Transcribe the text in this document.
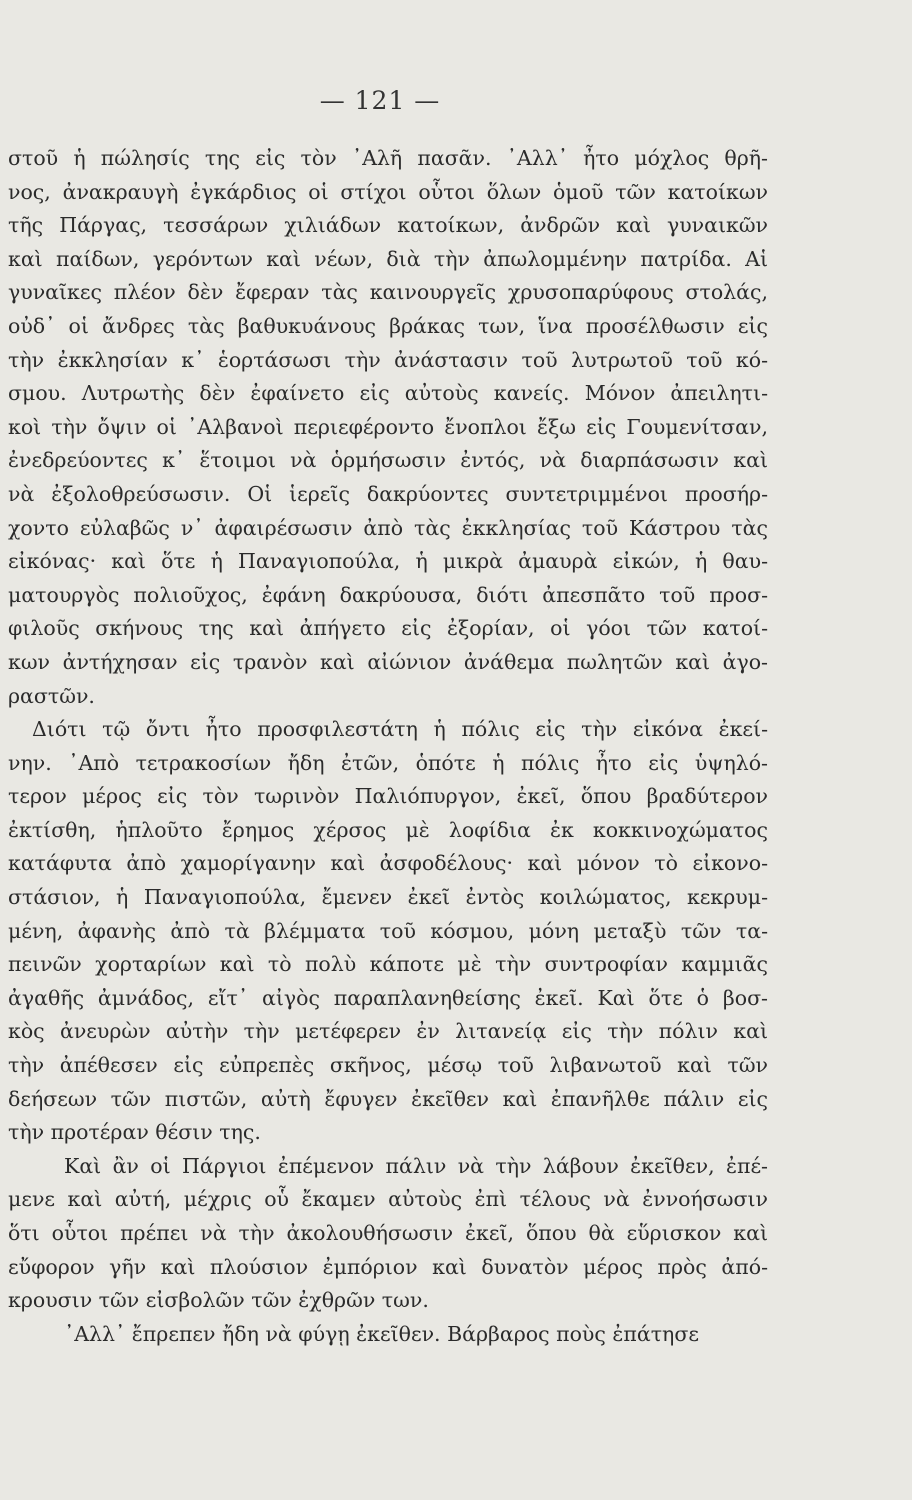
— 121 —
στοῦ ἡ πώλησίς της εἰς τὸν ᾿Αλῆ πασᾶν. ᾿Αλλ᾿ ἦτο μόχλος θρῆ-
νος, ἀνακραυγὴ ἐγκάρδιος οἱ στίχοι οὗτοι ὅλων ὁμοῦ τῶν κατοίκων
τῆς Πάργας, τεσσάρων χιλιάδων κατοίκων, ἀνδρῶν καὶ γυναικῶν
καὶ παίδων, γερόντων καὶ νέων, διὰ τὴν ἀπωλομμένην πατρίδα. Αἱ
γυναῖκες πλέον δὲν ἔφεραν τὰς καινουργεῖς χρυσοπαρύφους στολάς,
οὐδ᾿ οἱ ἄνδρες τὰς βαθυκυάνους βράκας των, ἵνα προσέλθωσιν εἰς
τὴν ἐκκλησίαν κ᾿ ἑορτάσωσι τὴν ἀνάστασιν τοῦ λυτρωτοῦ τοῦ κό-
σμου. Λυτρωτὴς δὲν ἐφαίνετο εἰς αὐτοὺς κανείς. Μόνον ἀπειλητι-
κοὶ τὴν ὄψιν οἱ ᾿Αλβανοὶ περιεφέροντο ἔνοπλοι ἔξω εἰς Γουμενίτσαν,
ἐνεδρεύοντες κ᾿ ἕτοιμοι νὰ ὁρμήσωσιν ἐντός, νὰ διαρπάσωσιν καὶ
νὰ ἐξολοθρεύσωσιν. Οἱ ἱερεῖς δακρύοντες συντετριμμένοι προσήρ-
χοντο εὐλαβῶς ν᾿ ἀφαιρέσωσιν ἀπὸ τὰς ἐκκλησίας τοῦ Κάστρου τὰς
εἰκόνας· καὶ ὅτε ἡ Παναγιοπούλα, ἡ μικρὰ ἀμαυρὰ εἰκών, ἡ θαυ-
ματουργὸς πολιοῦχος, ἐφάνη δακρύουσα, διότι ἀπεσπᾶτο τοῦ προσ-
φιλοῦς σκήνους της καὶ ἀπήγετο εἰς ἐξορίαν, οἱ γόοι τῶν κατοί-
κων ἀντήχησαν εἰς τρανὸν καὶ αἰώνιον ἀνάθεμα πωλητῶν καὶ ἀγο-
ραστῶν.
Διότι τῷ ὄντι ἦτο προσφιλεστάτη ἡ πόλις εἰς τὴν εἰκόνα ἐκεί-
νην. ᾿Απὸ τετρακοσίων ἤδη ἐτῶν, ὁπότε ἡ πόλις ἦτο εἰς ὑψηλό-
τερον μέρος εἰς τὸν τωρινὸν Παλιόπυργον, ἐκεῖ, ὅπου βραδύτερον
ἐκτίσθη, ἡπλοῦτο ἔρημος χέρσος μὲ λοφίδια ἐκ κοκκινοχώματος
κατάφυτα ἀπὸ χαμορίγανην καὶ ἀσφοδέλους· καὶ μόνον τὸ εἰκονο-
στάσιον, ἡ Παναγιοπούλα, ἔμενεν ἐκεῖ ἐντὸς κοιλώματος, κεκρυμ-
μένη, ἀφανὴς ἀπὸ τὰ βλέμματα τοῦ κόσμου, μόνη μεταξὺ τῶν τα-
πεινῶν χορταρίων καὶ τὸ πολὺ κάποτε μὲ τὴν συντροφίαν καμμιᾶς
ἀγαθῆς ἀμνάδος, εἴτ᾿ αἰγὸς παραπλανηθείσης ἐκεῖ. Καὶ ὅτε ὁ βοσ-
κὸς ἀνευρὼν αὐτὴν τὴν μετέφερεν ἐν λιτανείᾳ εἰς τὴν πόλιν καὶ
τὴν ἀπέθεσεν εἰς εὐπρεπὲς σκῆνος, μέσῳ τοῦ λιβανωτοῦ καὶ τῶν
δεήσεων τῶν πιστῶν, αὐτὴ ἔφυγεν ἐκεῖθεν καὶ ἐπανῆλθε πάλιν εἰς
τὴν προτέραν θέσιν της.
Καὶ ἂν οἱ Πάργιοι ἐπέμενον πάλιν νὰ τὴν λάβουν ἐκεῖθεν, ἐπέ-
μενε καὶ αὐτή, μέχρις οὗ ἔκαμεν αὐτοὺς ἐπὶ τέλους νὰ ἐννοήσωσιν
ὅτι οὗτοι πρέπει νὰ τὴν ἀκολουθήσωσιν ἐκεῖ, ὅπου θὰ εὕρισκον καὶ
εὔφορον γῆν καὶ πλούσιον ἐμπόριον καὶ δυνατὸν μέρος πρὸς ἀπό-
κρουσιν τῶν εἰσβολῶν τῶν ἐχθρῶν των.
᾿Αλλ᾿ ἔπρεπεν ἤδη νὰ φύγῃ ἐκεῖθεν. Βάρβαρος ποὺς ἐπάτησε
